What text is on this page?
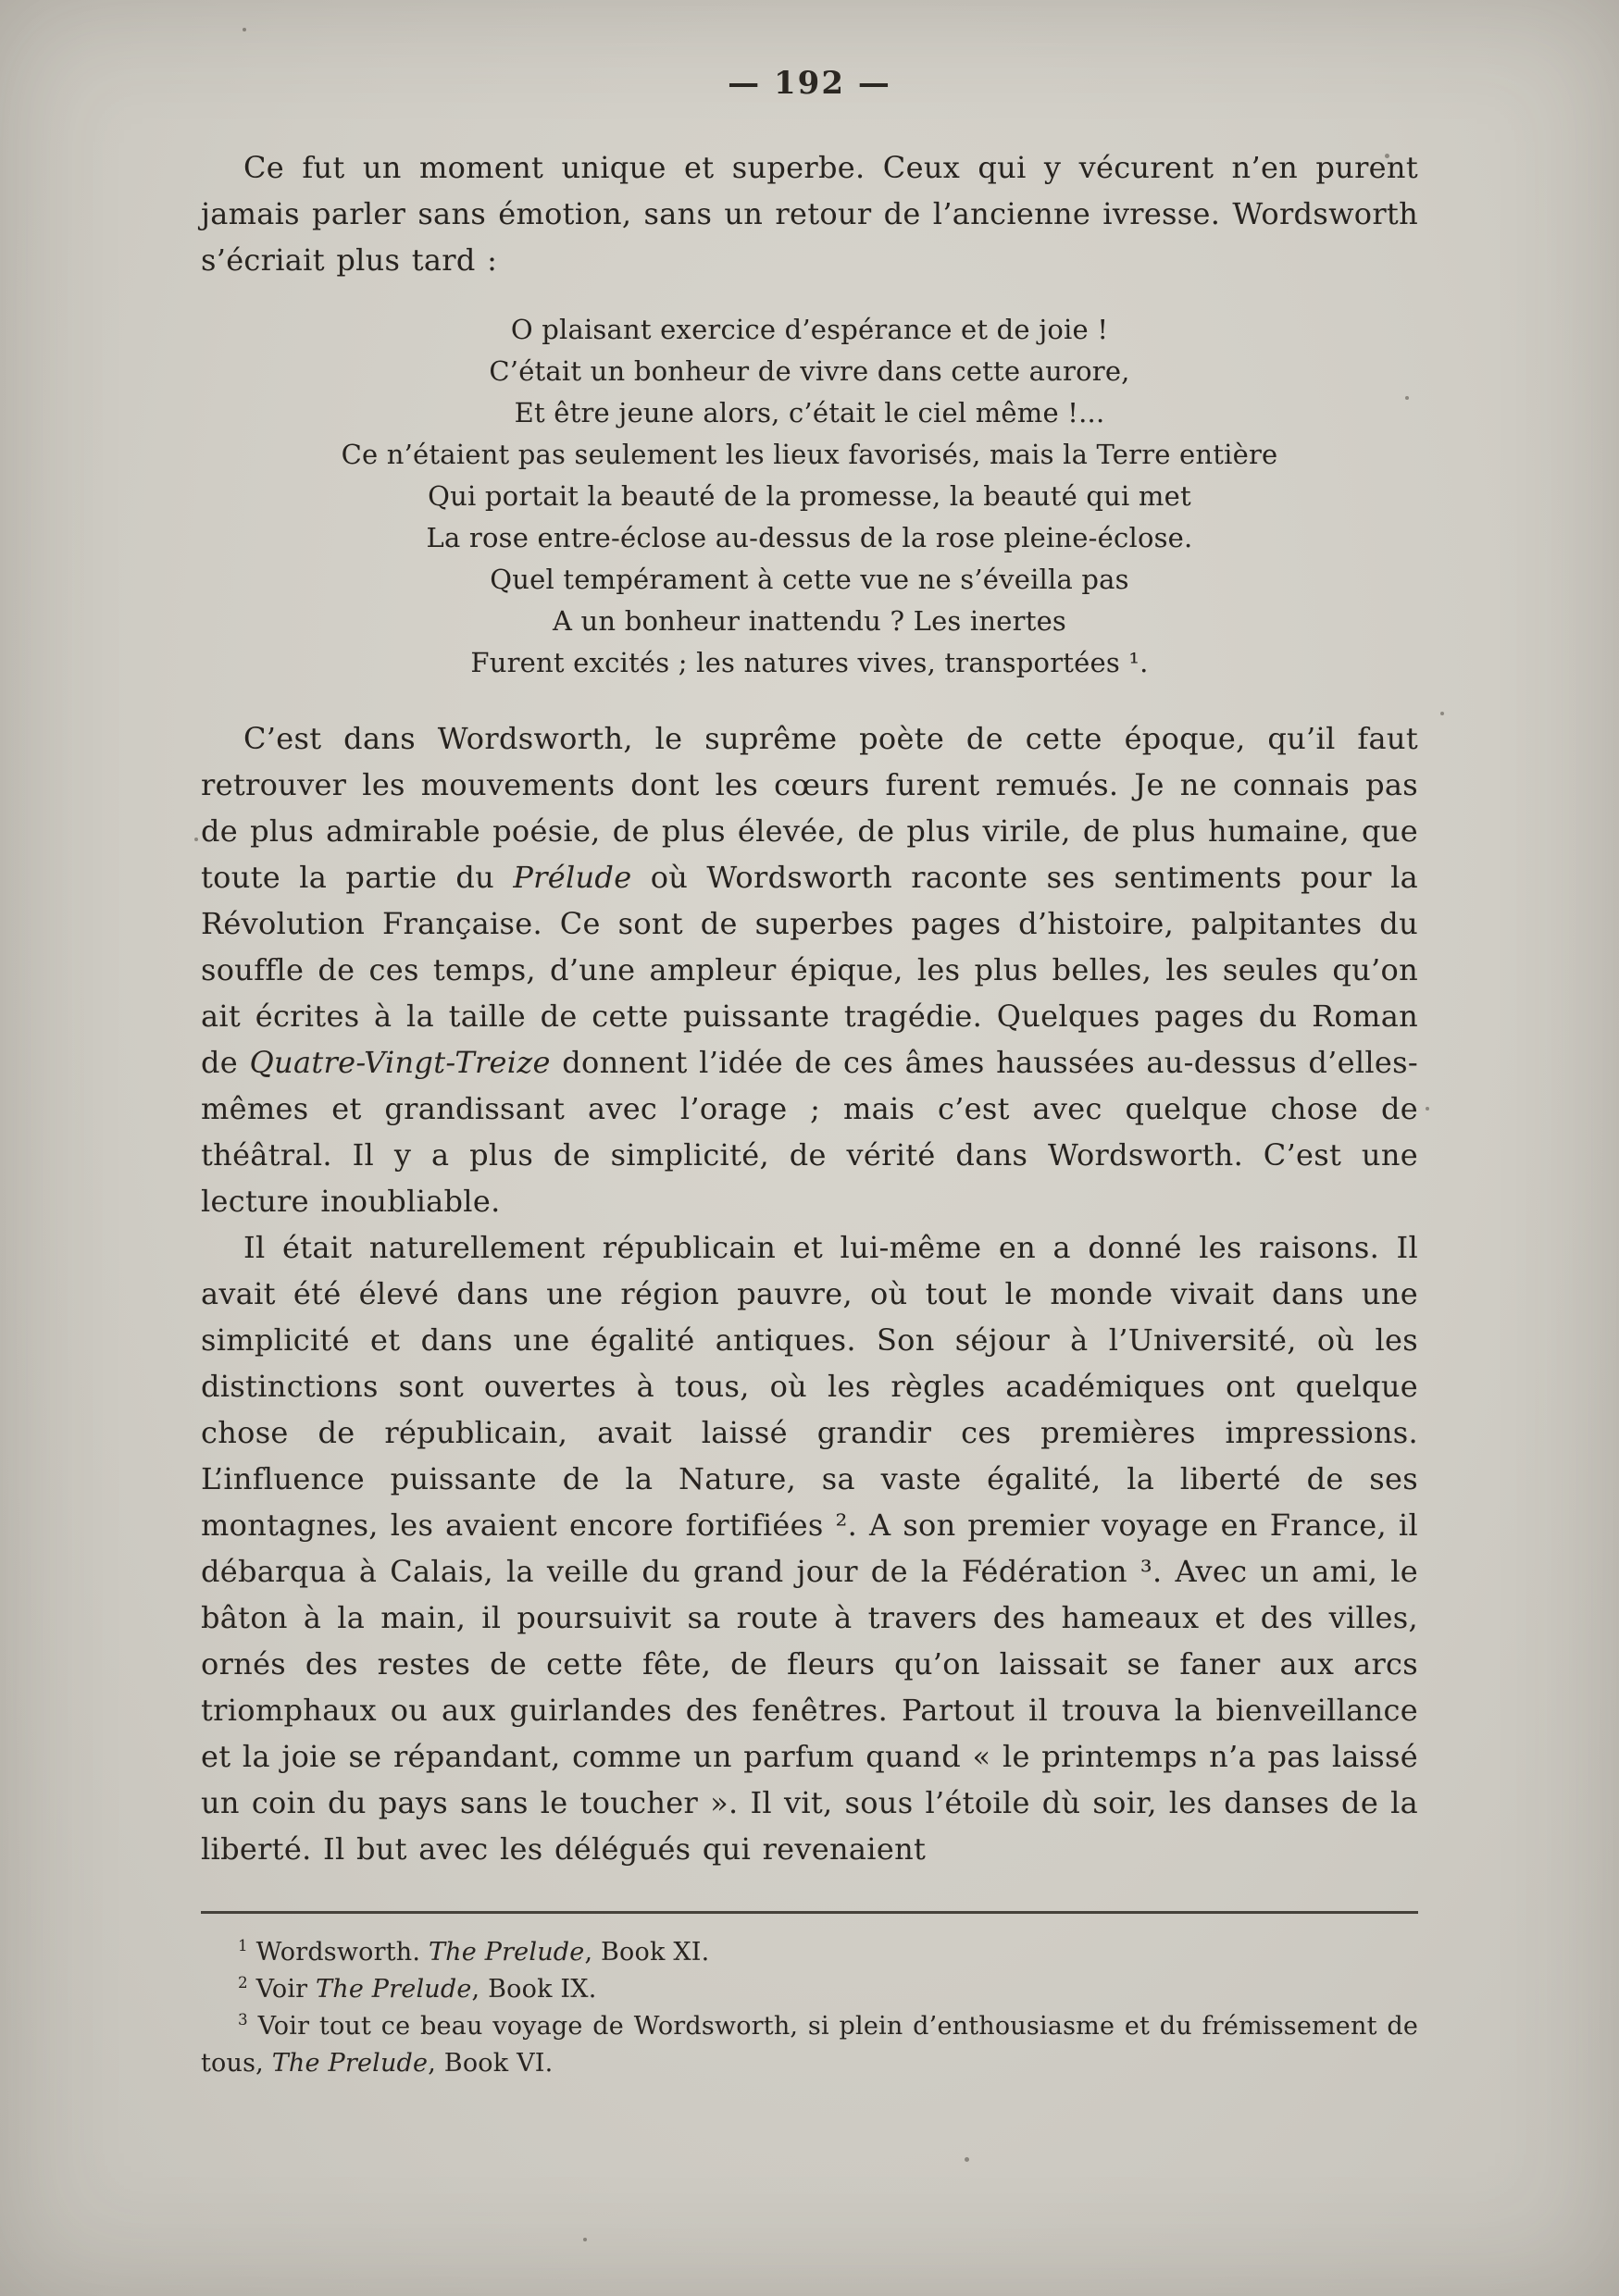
— 192 —

Ce fut un moment unique et superbe. Ceux qui y vécurent n’en purent jamais parler sans émotion, sans un retour de l’ancienne ivresse. Wordsworth s’écriait plus tard :

O plaisant exercice d’espérance et de joie !
C’était un bonheur de vivre dans cette aurore,
Et être jeune alors, c’était le ciel même !...
Ce n’étaient pas seulement les lieux favorisés, mais la Terre entière
Qui portait la beauté de la promesse, la beauté qui met
La rose entre-éclose au-dessus de la rose pleine-éclose.
Quel tempérament à cette vue ne s’éveilla pas
A un bonheur inattendu ? Les inertes
Furent excités ; les natures vives, transportées ¹.

C’est dans Wordsworth, le suprême poète de cette époque, qu’il faut retrouver les mouvements dont les cœurs furent remués. Je ne connais pas de plus admirable poésie, de plus élevée, de plus virile, de plus humaine, que toute la partie du Prélude où Wordsworth raconte ses sentiments pour la Révolution Française. Ce sont de superbes pages d’histoire, palpitantes du souffle de ces temps, d’une ampleur épique, les plus belles, les seules qu’on ait écrites à la taille de cette puissante tragédie. Quelques pages du Roman de Quatre-Vingt-Treize donnent l’idée de ces âmes haussées au-dessus d’elles-mêmes et grandissant avec l’orage ; mais c’est avec quelque chose de théâtral. Il y a plus de simplicité, de vérité dans Wordsworth. C’est une lecture inoubliable.

Il était naturellement républicain et lui-même en a donné les raisons. Il avait été élevé dans une région pauvre, où tout le monde vivait dans une simplicité et dans une égalité antiques. Son séjour à l’Université, où les distinctions sont ouvertes à tous, où les règles académiques ont quelque chose de républicain, avait laissé grandir ces premières impressions. L’influence puissante de la Nature, sa vaste égalité, la liberté de ses montagnes, les avaient encore fortifiées ². A son premier voyage en France, il débarqua à Calais, la veille du grand jour de la Fédération ³. Avec un ami, le bâton à la main, il poursuivit sa route à travers des hameaux et des villes, ornés des restes de cette fête, de fleurs qu’on laissait se faner aux arcs triomphaux ou aux guirlandes des fenêtres. Partout il trouva la bienveillance et la joie se répandant, comme un parfum quand « le printemps n’a pas laissé un coin du pays sans le toucher ». Il vit, sous l’étoile dù soir, les danses de la liberté. Il but avec les délégués qui revenaient

$^1$ Wordsworth. The Prelude, Book XI.

$^2$ Voir The Prelude, Book IX.

$^3$ Voir tout ce beau voyage de Wordsworth, si plein d’enthousiasme et du frémissement de tous, The Prelude, Book VI.
